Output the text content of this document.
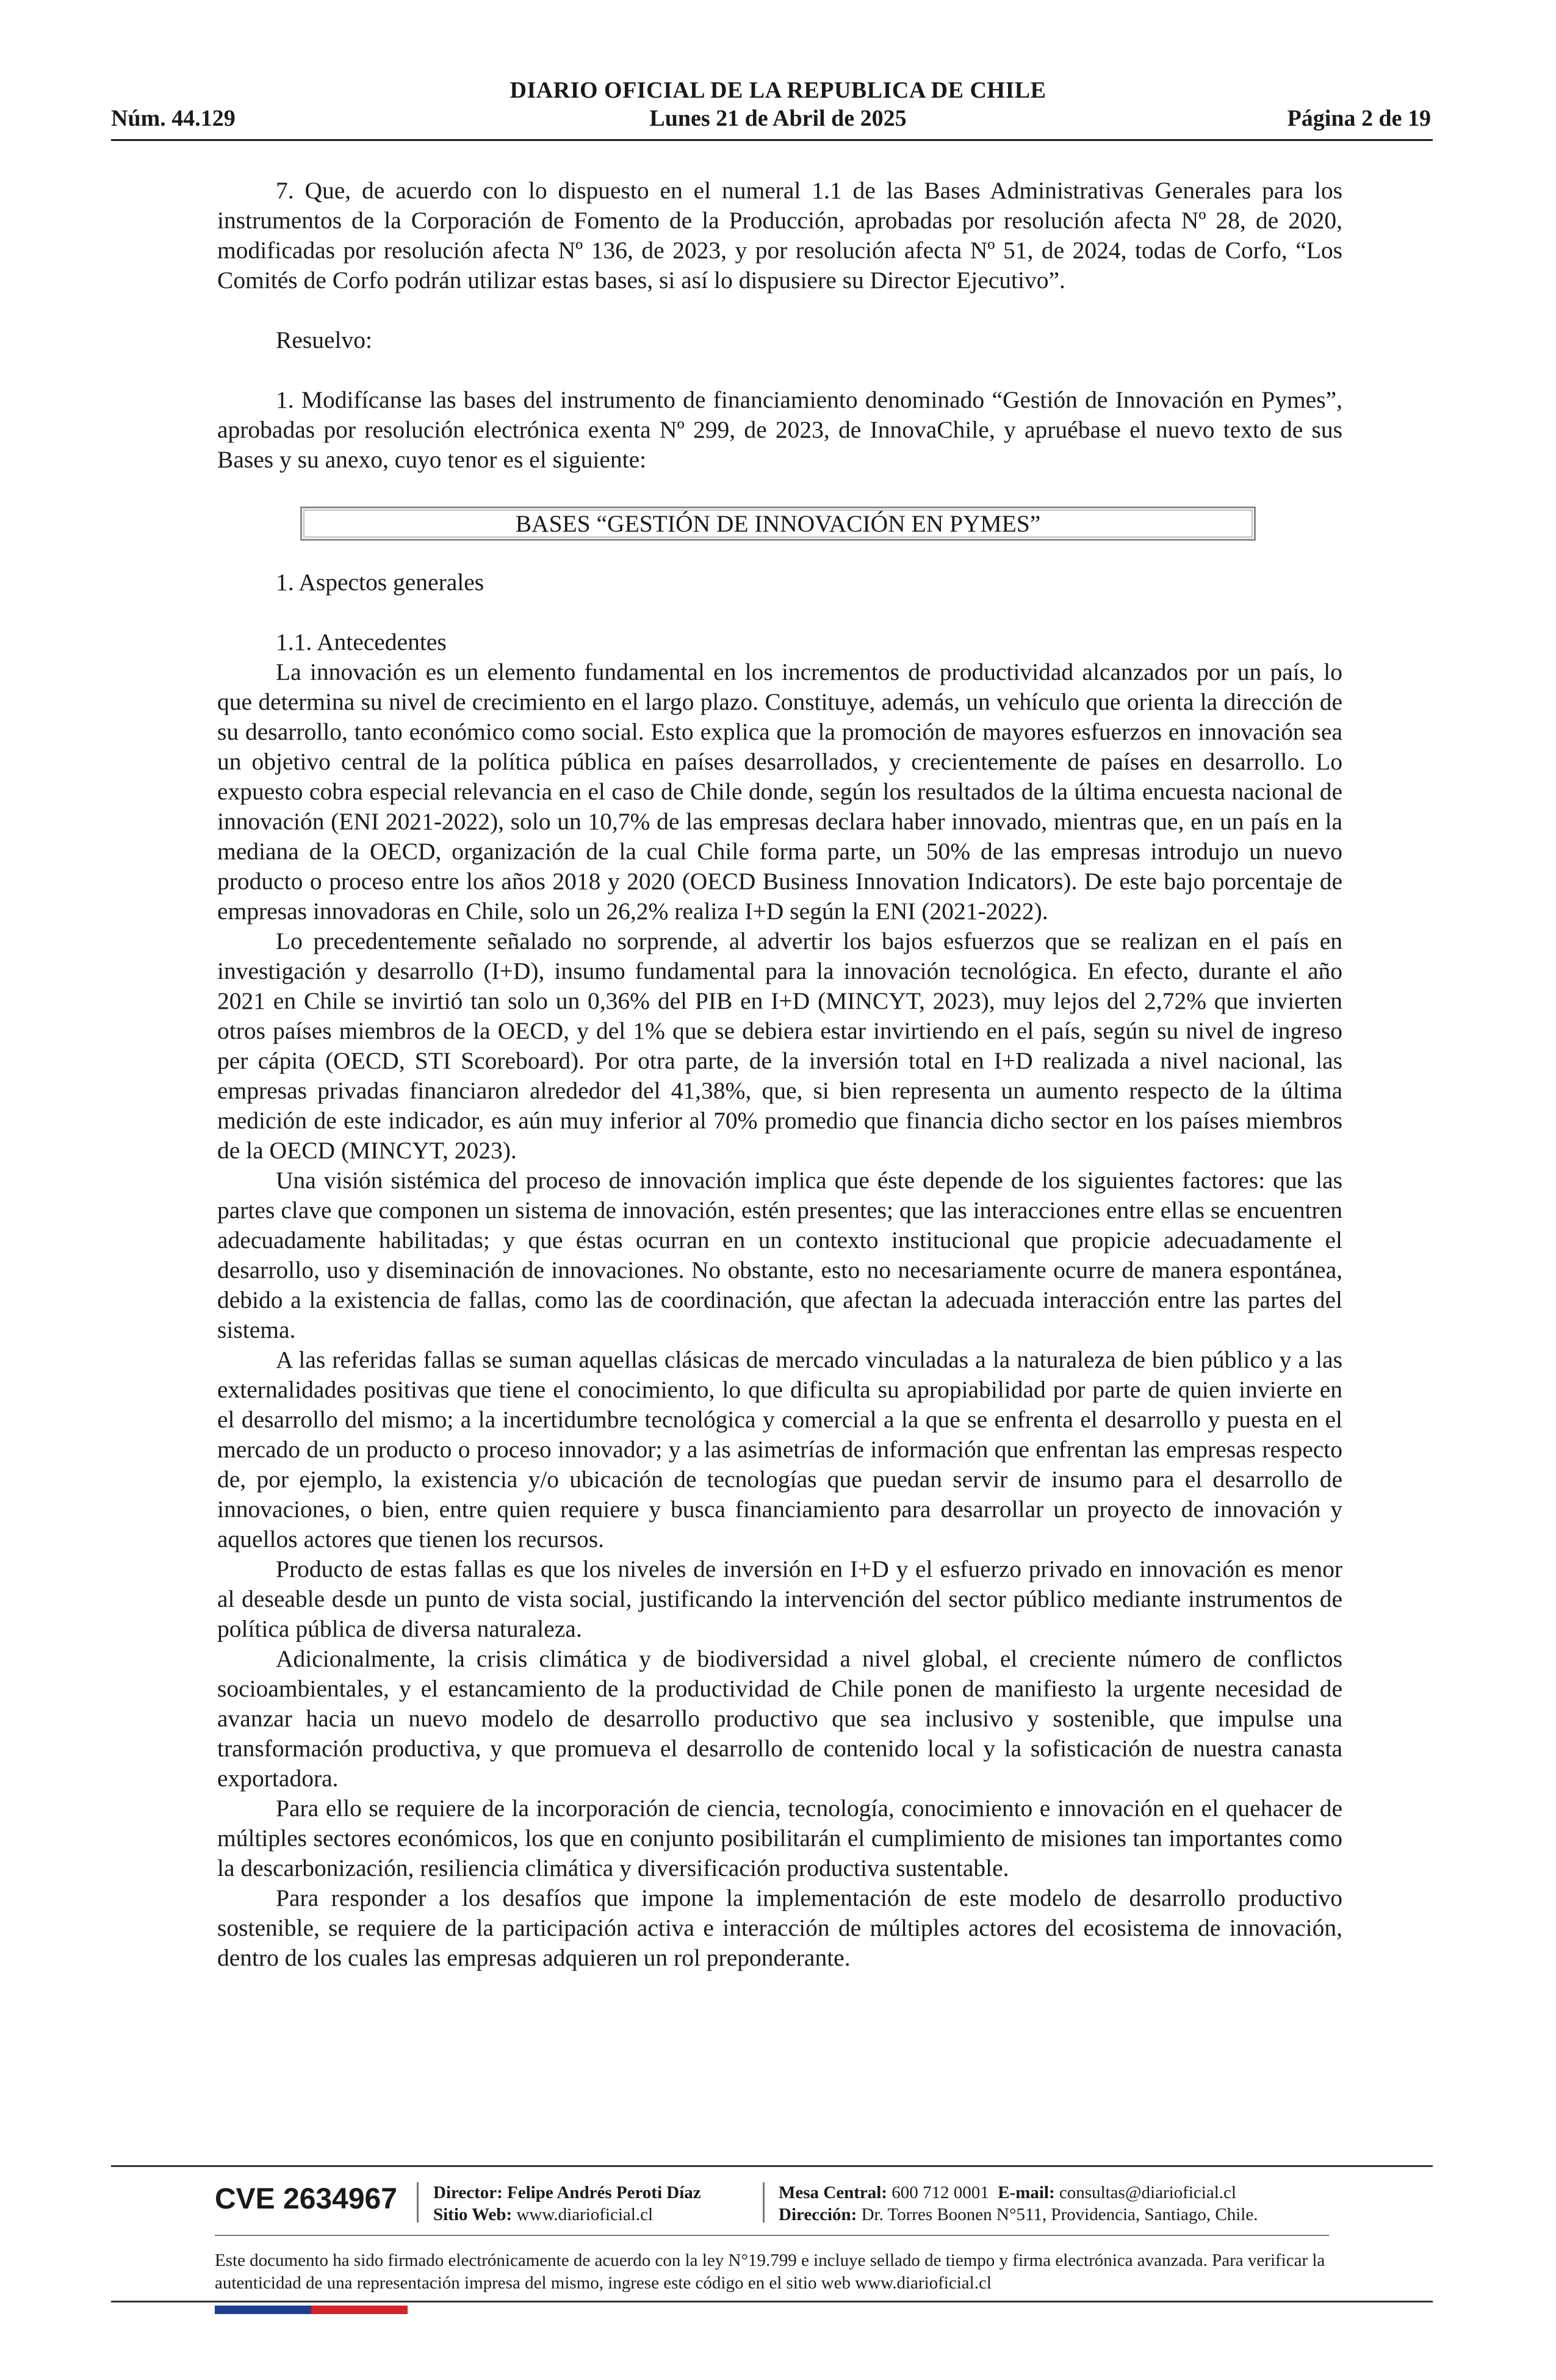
DIARIO OFICIAL DE LA REPUBLICA DE CHILE
Núm. 44.129	Lunes 21 de Abril de 2025	Página 2 de 19

7. Que, de acuerdo con lo dispuesto en el numeral 1.1 de las Bases Administrativas Generales para los instrumentos de la Corporación de Fomento de la Producción, aprobadas por resolución afecta Nº 28, de 2020, modificadas por resolución afecta Nº 136, de 2023, y por resolución afecta Nº 51, de 2024, todas de Corfo, “Los Comités de Corfo podrán utilizar estas bases, si así lo dispusiere su Director Ejecutivo”.

Resuelvo:

1. Modifícanse las bases del instrumento de financiamiento denominado “Gestión de Innovación en Pymes”, aprobadas por resolución electrónica exenta Nº 299, de 2023, de InnovaChile, y apruébase el nuevo texto de sus Bases y su anexo, cuyo tenor es el siguiente:

BASES “GESTIÓN DE INNOVACIÓN EN PYMES”

1. Aspectos generales

1.1. Antecedentes

La innovación es un elemento fundamental en los incrementos de productividad alcanzados por un país, lo que determina su nivel de crecimiento en el largo plazo. Constituye, además, un vehículo que orienta la dirección de su desarrollo, tanto económico como social. Esto explica que la promoción de mayores esfuerzos en innovación sea un objetivo central de la política pública en países desarrollados, y crecientemente de países en desarrollo. Lo expuesto cobra especial relevancia en el caso de Chile donde, según los resultados de la última encuesta nacional de innovación (ENI 2021-2022), solo un 10,7% de las empresas declara haber innovado, mientras que, en un país en la mediana de la OECD, organización de la cual Chile forma parte, un 50% de las empresas introdujo un nuevo producto o proceso entre los años 2018 y 2020 (OECD Business Innovation Indicators). De este bajo porcentaje de empresas innovadoras en Chile, solo un 26,2% realiza I+D según la ENI (2021-2022).

Lo precedentemente señalado no sorprende, al advertir los bajos esfuerzos que se realizan en el país en investigación y desarrollo (I+D), insumo fundamental para la innovación tecnológica. En efecto, durante el año 2021 en Chile se invirtió tan solo un 0,36% del PIB en I+D (MINCYT, 2023), muy lejos del 2,72% que invierten otros países miembros de la OECD, y del 1% que se debiera estar invirtiendo en el país, según su nivel de ingreso per cápita (OECD, STI Scoreboard). Por otra parte, de la inversión total en I+D realizada a nivel nacional, las empresas privadas financiaron alrededor del 41,38%, que, si bien representa un aumento respecto de la última medición de este indicador, es aún muy inferior al 70% promedio que financia dicho sector en los países miembros de la OECD (MINCYT, 2023).

Una visión sistémica del proceso de innovación implica que éste depende de los siguientes factores: que las partes clave que componen un sistema de innovación, estén presentes; que las interacciones entre ellas se encuentren adecuadamente habilitadas; y que éstas ocurran en un contexto institucional que propicie adecuadamente el desarrollo, uso y diseminación de innovaciones. No obstante, esto no necesariamente ocurre de manera espontánea, debido a la existencia de fallas, como las de coordinación, que afectan la adecuada interacción entre las partes del sistema.

A las referidas fallas se suman aquellas clásicas de mercado vinculadas a la naturaleza de bien público y a las externalidades positivas que tiene el conocimiento, lo que dificulta su apropiabilidad por parte de quien invierte en el desarrollo del mismo; a la incertidumbre tecnológica y comercial a la que se enfrenta el desarrollo y puesta en el mercado de un producto o proceso innovador; y a las asimetrías de información que enfrentan las empresas respecto de, por ejemplo, la existencia y/o ubicación de tecnologías que puedan servir de insumo para el desarrollo de innovaciones, o bien, entre quien requiere y busca financiamiento para desarrollar un proyecto de innovación y aquellos actores que tienen los recursos.

Producto de estas fallas es que los niveles de inversión en I+D y el esfuerzo privado en innovación es menor al deseable desde un punto de vista social, justificando la intervención del sector público mediante instrumentos de política pública de diversa naturaleza.

Adicionalmente, la crisis climática y de biodiversidad a nivel global, el creciente número de conflictos socioambientales, y el estancamiento de la productividad de Chile ponen de manifiesto la urgente necesidad de avanzar hacia un nuevo modelo de desarrollo productivo que sea inclusivo y sostenible, que impulse una transformación productiva, y que promueva el desarrollo de contenido local y la sofisticación de nuestra canasta exportadora.

Para ello se requiere de la incorporación de ciencia, tecnología, conocimiento e innovación en el quehacer de múltiples sectores económicos, los que en conjunto posibilitarán el cumplimiento de misiones tan importantes como la descarbonización, resiliencia climática y diversificación productiva sustentable.

Para responder a los desafíos que impone la implementación de este modelo de desarrollo productivo sostenible, se requiere de la participación activa e interacción de múltiples actores del ecosistema de innovación, dentro de los cuales las empresas adquieren un rol preponderante.

CVE 2634967 Director: Felipe Andrés Peroti Díaz
Sitio Web: www.diarioficial.cl
Mesa Central: 600 712 0001 E-mail: consultas@diarioficial.cl
Dirección: Dr. Torres Boonen N°511, Providencia, Santiago, Chile.
Este documento ha sido firmado electrónicamente de acuerdo con la ley N°19.799 e incluye sellado de tiempo y firma electrónica avanzada. Para verificar la autenticidad de una representación impresa del mismo, ingrese este código en el sitio web www.diarioficial.cl
